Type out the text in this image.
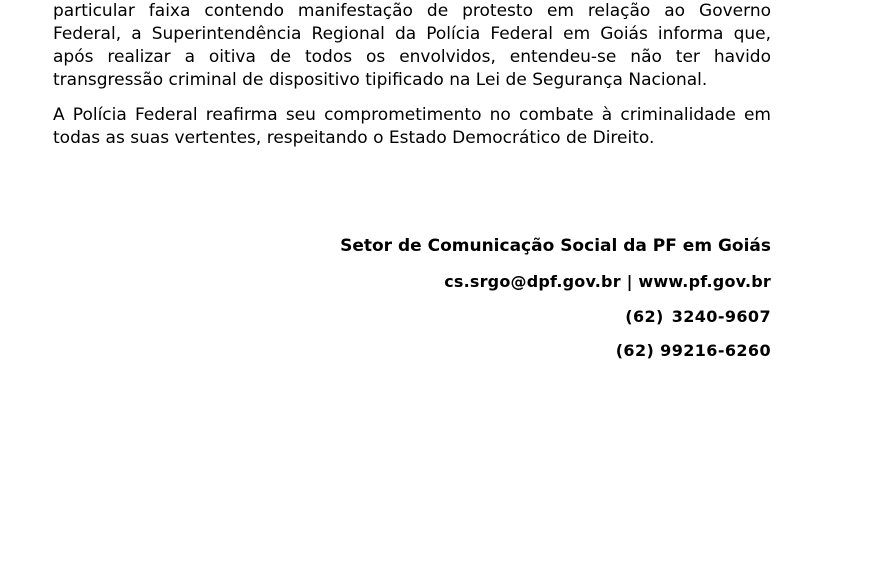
particular faixa contendo manifestação de protesto em relação ao Governo
Federal, a Superintendência Regional da Polícia Federal em Goiás informa que,
após realizar a oitiva de todos os envolvidos, entendeu-se não ter havido
transgressão criminal de dispositivo tipificado na Lei de Segurança Nacional.

A Polícia Federal reafirma seu comprometimento no combate à criminalidade em
todas as suas vertentes, respeitando o Estado Democrático de Direito.

Setor de Comunicação Social da PF em Goiás
cs.srgo@dpf.gov.br | www.pf.gov.br
(62) 3240-9607
(62) 99216-6260
